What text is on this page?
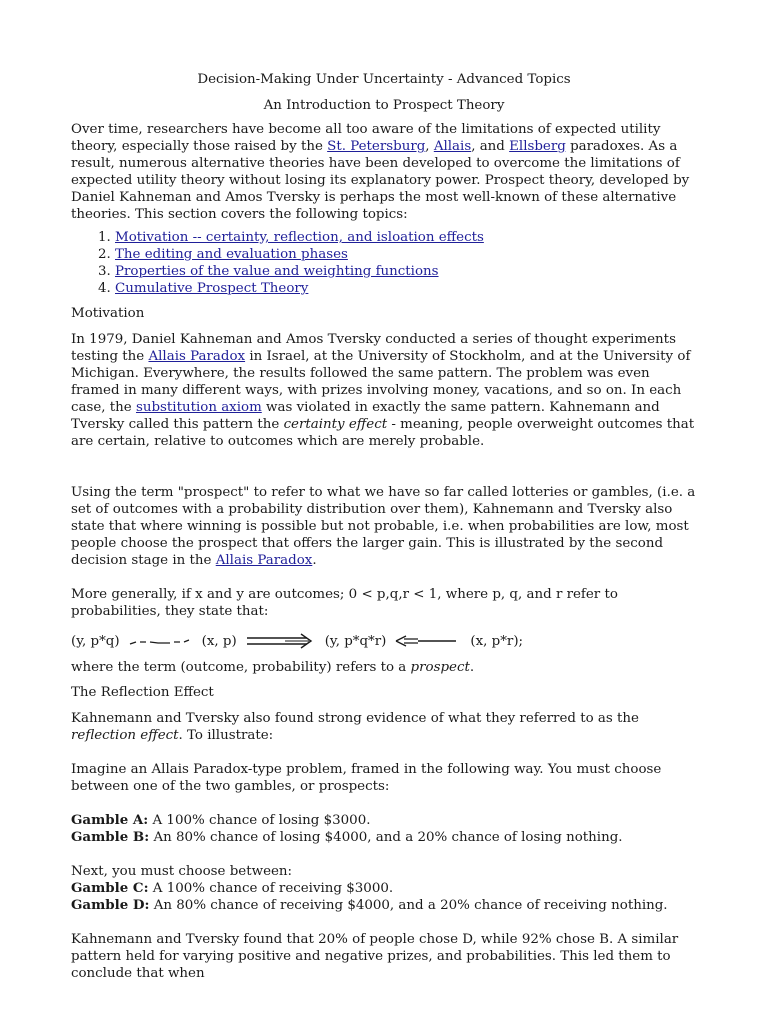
Decision-Making Under Uncertainty - Advanced Topics

An Introduction to Prospect Theory

Over time, researchers have become all too aware of the limitations of expected utility theory, especially those raised by the St. Petersburg, Allais, and Ellsberg paradoxes. As a result, numerous alternative theories have been developed to overcome the limitations of expected utility theory without losing its explanatory power. Prospect theory, developed by Daniel Kahneman and Amos Tversky is perhaps the most well-known of these alternative theories. This section covers the following topics:

1. Motivation -- certainty, reflection, and isloation effects
2. The editing and evaluation phases
3. Properties of the value and weighting functions
4. Cumulative Prospect Theory

Motivation

In 1979, Daniel Kahneman and Amos Tversky conducted a series of thought experiments testing the Allais Paradox in Israel, at the University of Stockholm, and at the University of Michigan. Everywhere, the results followed the same pattern. The problem was even framed in many different ways, with prizes involving money, vacations, and so on. In each case, the substitution axiom was violated in exactly the same pattern. Kahnemann and Tversky called this pattern the certainty effect - meaning, people overweight outcomes that are certain, relative to outcomes which are merely probable.

Using the term "prospect" to refer to what we have so far called lotteries or gambles, (i.e. a set of outcomes with a probability distribution over them), Kahnemann and Tversky also state that where winning is possible but not probable, i.e. when probabilities are low, most people choose the prospect that offers the larger gain. This is illustrated by the second decision stage in the Allais Paradox.

More generally, if x and y are outcomes; 0 < p,q,r < 1, where p, q, and r refer to probabilities, they state that:

(y, p*q)	(x, p)	(y, p*q*r)	(x, p*r);

where the term (outcome, probability) refers to a prospect.

The Reflection Effect

Kahnemann and Tversky also found strong evidence of what they referred to as the reflection effect. To illustrate:

Imagine an Allais Paradox-type problem, framed in the following way. You must choose between one of the two gambles, or prospects:

Gamble A: A 100% chance of losing $3000.

Gamble B: An 80% chance of losing $4000, and a 20% chance of losing nothing.

Next, you must choose between:

Gamble C: A 100% chance of receiving $3000.

Gamble D: An 80% chance of receiving $4000, and a 20% chance of receiving nothing.

Kahnemann and Tversky found that 20% of people chose D, while 92% chose B. A similar pattern held for varying positive and negative prizes, and probabilities. This led them to conclude that when
